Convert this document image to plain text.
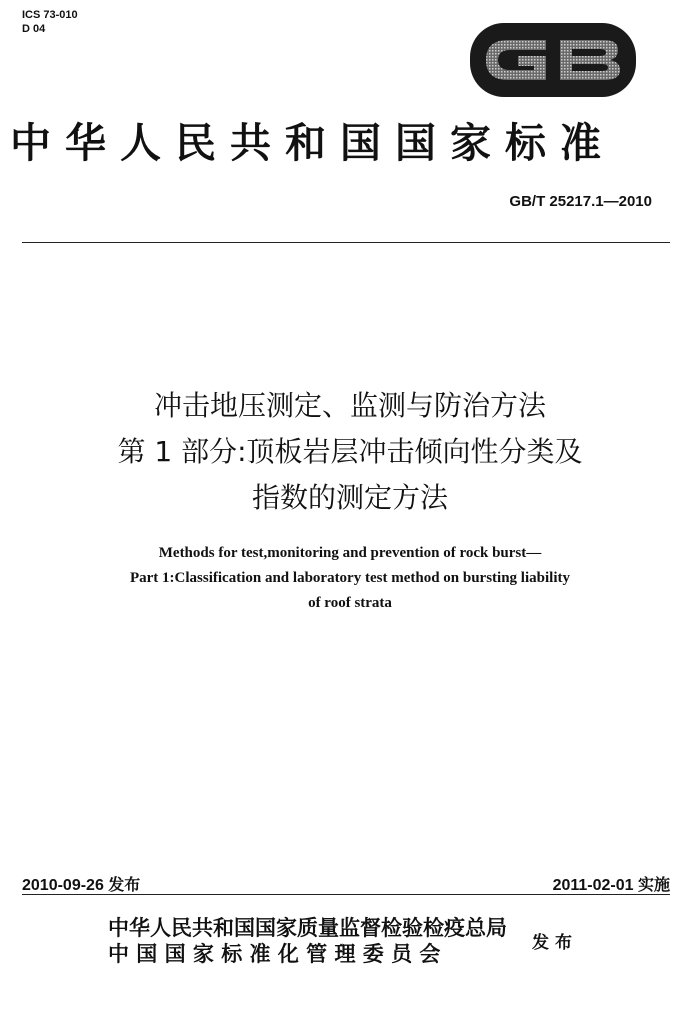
ICS 73-010
D 04
中华人民共和国国家标准
GB/T 25217.1—2010
冲击地压测定、监测与防治方法
第 1 部分:顶板岩层冲击倾向性分类及
指数的测定方法
Methods for test,monitoring and prevention of rock burst—
Part 1:Classification and laboratory test method on bursting liability
of roof strata
2010-09-26 发布	2011-02-01 实施
中华人民共和国国家质量监督检验检疫总局
中 国 国 家 标 准 化 管 理 委 员 会	发布
